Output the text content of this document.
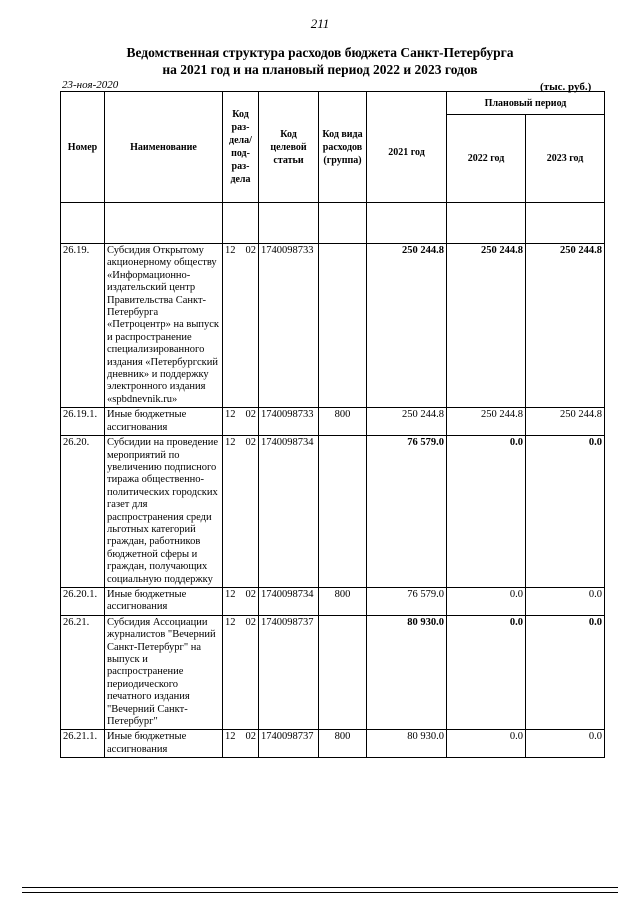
211
Ведомственная структура расходов бюджета Санкт-Петербурга
на 2021 год и на плановый период 2022 и 2023 годов
23-ноя-2020	(тыс. руб.)
Номер	Наименование	Код раз-дела/ под-раз-дела	Код целевой статьи	Код вида расходов (группа)	2021 год	Плановый период	
						2022 год	2023 год

26.19.	Субсидия Открытому акционерному обществу «Информационно-издательский центр Правительства Санкт-Петербурга «Петроцентр» на выпуск и распространение специализированного издания «Петербургский дневник» и поддержку электронного издания «spbdnevnik.ru»	12 02	1740098733		250 244.8	250 244.8	250 244.8
26.19.1.	Иные бюджетные ассигнования	12 02	1740098733	800	250 244.8	250 244.8	250 244.8
26.20.	Субсидии на проведение мероприятий по увеличению подписного тиража общественно-политических городских газет для распространения среди льготных категорий граждан, работников бюджетной сферы и граждан, получающих социальную поддержку	12 02	1740098734		76 579.0	0.0	0.0
26.20.1.	Иные бюджетные ассигнования	12 02	1740098734	800	76 579.0	0.0	0.0
26.21.	Субсидия Ассоциации журналистов "Вечерний Санкт-Петербург" на выпуск и распространение периодического печатного издания "Вечерний Санкт-Петербург"	12 02	1740098737		80 930.0	0.0	0.0
26.21.1.	Иные бюджетные ассигнования	12 02	1740098737	800	80 930.0	0.0	0.0
